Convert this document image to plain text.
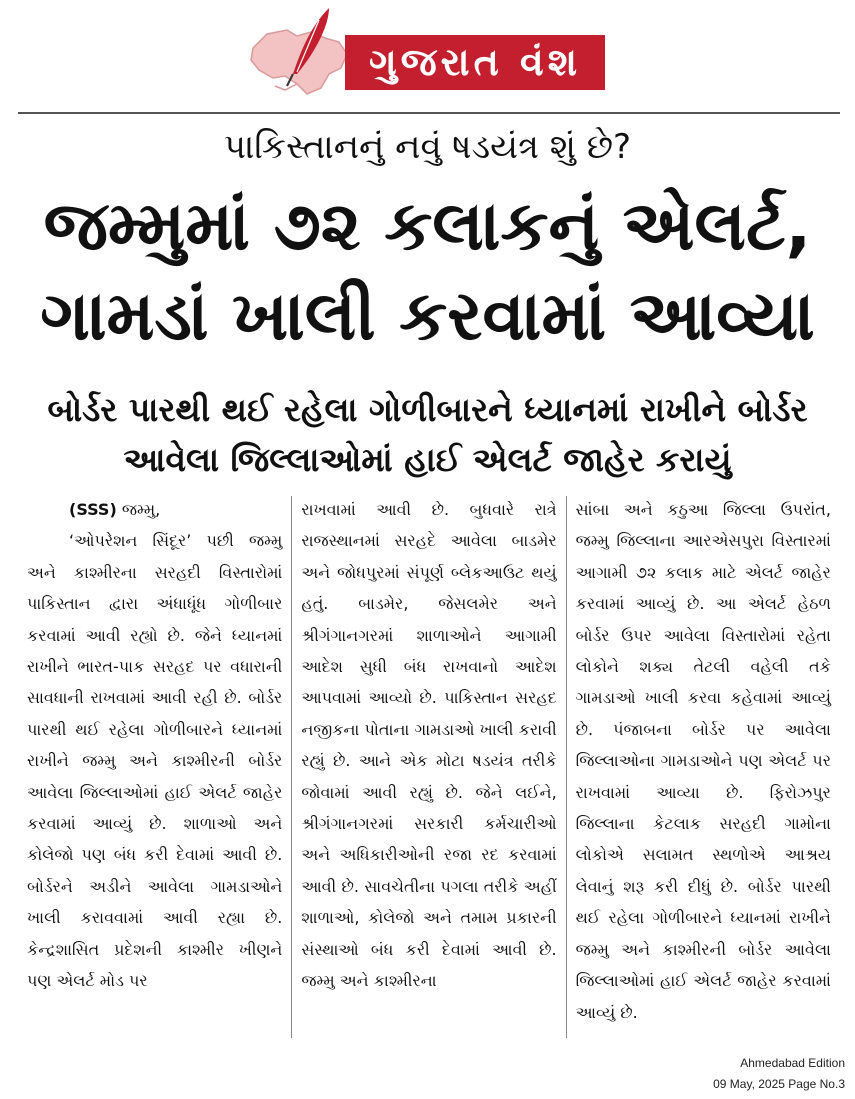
ગુજરાત વંશ
પાકિસ્તાનનું નવું ષડયંત્ર શું છે?
જમ્મુમાં ૭૨ કલાકનું એલર્ટ,
ગામડાં ખાલી કરવામાં આવ્યા
બોર્ડર પારથી થઈ રહેલા ગોળીબારને ધ્યાનમાં રાખીને બોર્ડર
આવેલા જિલ્લાઓમાં હાઈ એલર્ટ જાહેર કરાયું

(SSS) જમ્મુ,

‘ઓપરેશન સિંદૂર’ પછી જમ્મુ અને કાશ્મીરના સરહદી વિસ્તારોમાં પાકિસ્તાન દ્વારા અંધાધૂંધ ગોળીબાર કરવામાં આવી રહ્યો છે. જેને ધ્યાનમાં રાખીને ભારત-પાક સરહદ પર વધારાની સાવધાની રાખવામાં આવી રહી છે. બોર્ડર પારથી થઈ રહેલા ગોળીબારને ધ્યાનમાં રાખીને જમ્મુ અને કાશ્મીરની બોર્ડર આવેલા જિલ્લાઓમાં હાઈ એલર્ટ જાહેર કરવામાં આવ્યું છે. શાળાઓ અને કોલેજો પણ બંધ કરી દેવામાં આવી છે. બોર્ડરને અડીને આવેલા ગામડાઓને ખાલી કરાવવામાં આવી રહ્યા છે. કેન્દ્રશાસિત પ્રદેશની કાશ્મીર ખીણને પણ એલર્ટ મોડ પર

રાખવામાં આવી છે. બુધવારે રાત્રે રાજસ્થાનમાં સરહદે આવેલા બાડમેર અને જોધપુરમાં સંપૂર્ણ બ્લેકઆઉટ થયું હતું. બાડમેર, જેસલમેર અને શ્રીગંગાનગરમાં શાળાઓને આગામી આદેશ સુધી બંધ રાખવાનો આદેશ આપવામાં આવ્યો છે. પાકિસ્તાન સરહદ નજીકના પોતાના ગામડાઓ ખાલી કરાવી રહ્યું છે. આને એક મોટા ષડયંત્ર તરીકે જોવામાં આવી રહ્યું છે. જેને લઈને, શ્રીગંગાનગરમાં સરકારી કર્મચારીઓ અને અધિકારીઓની રજા રદ કરવામાં આવી છે. સાવચેતીના પગલા તરીકે અહીં શાળાઓ, કોલેજો અને તમામ પ્રકારની સંસ્થાઓ બંધ કરી દેવામાં આવી છે. જમ્મુ અને કાશ્મીરના

સાંબા અને કઠુઆ જિલ્લા ઉપરાંત, જમ્મુ જિલ્લાના આરએસપુરા વિસ્તારમાં આગામી ૭૨ કલાક માટે એલર્ટ જાહેર કરવામાં આવ્યું છે. આ એલર્ટ હેઠળ બોર્ડર ઉપર આવેલા વિસ્તારોમાં રહેતા લોકોને શક્ય તેટલી વહેલી તકે ગામડાઓ ખાલી કરવા કહેવામાં આવ્યું છે. પંજાબના બોર્ડર પર આવેલા જિલ્લાઓના ગામડાઓને પણ એલર્ટ પર રાખવામાં આવ્યા છે. ફિરોઝપુર જિલ્લાના કેટલાક સરહદી ગામોના લોકોએ સલામત સ્થળોએ આશ્રય લેવાનું શરૂ કરી દીધું છે. બોર્ડર પારથી થઈ રહેલા ગોળીબારને ધ્યાનમાં રાખીને જમ્મુ અને કાશ્મીરની બોર્ડર આવેલા જિલ્લાઓમાં હાઈ એલર્ટ જાહેર કરવામાં આવ્યું છે.

Ahmedabad Edition
09 May, 2025 Page No.3
